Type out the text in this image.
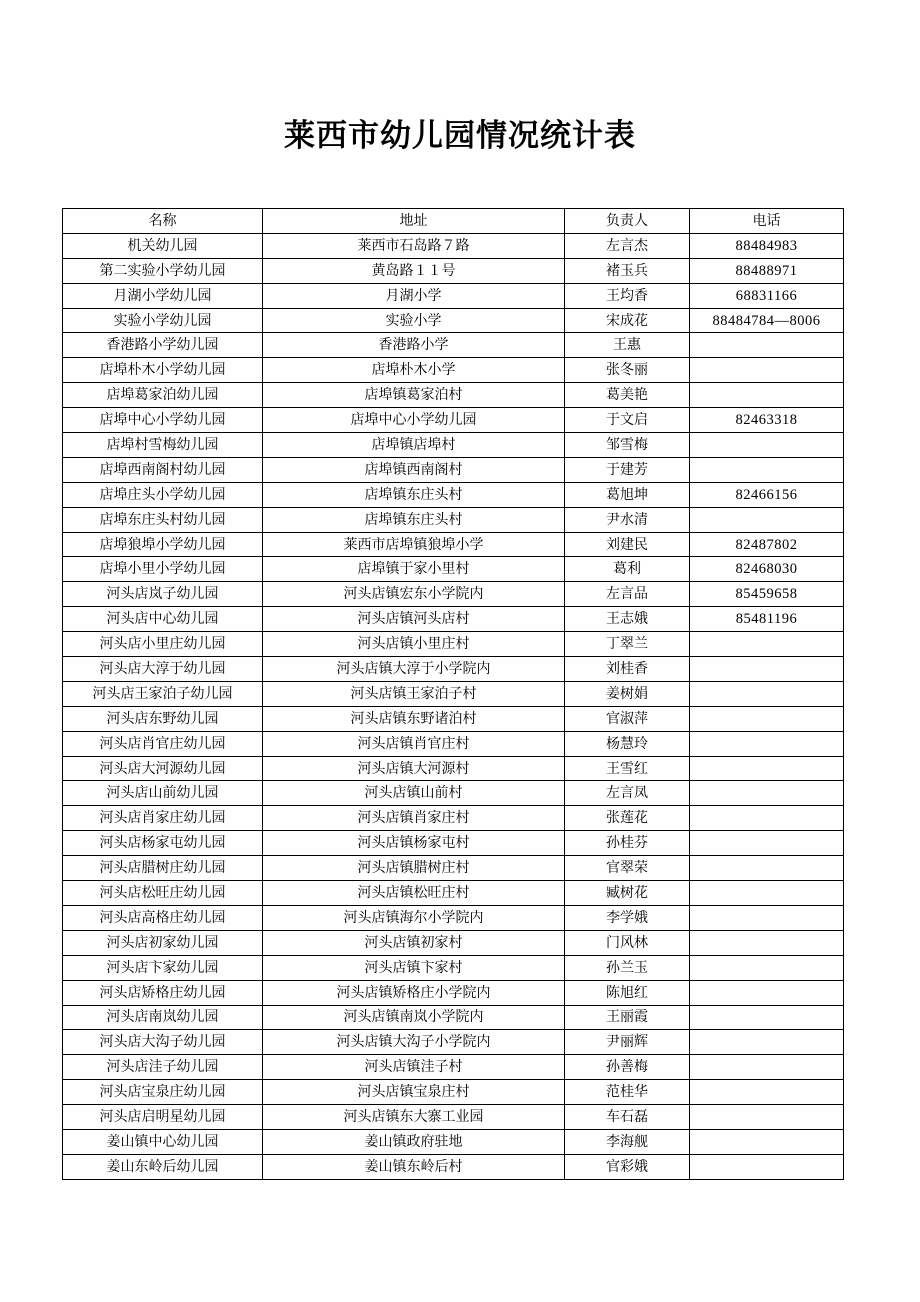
莱西市幼儿园情况统计表
名称	地址	负责人	电话
机关幼儿园	莱西市石岛路７路	左言杰	88484983
第二实验小学幼儿园	黄岛路１１号	褚玉兵	88488971
月湖小学幼儿园	月湖小学	王均香	68831166
实验小学幼儿园	实验小学	宋成花	88484784—8006
香港路小学幼儿园	香港路小学	王惠	
店埠朴木小学幼儿园	店埠朴木小学	张冬丽	
店埠葛家泊幼儿园	店埠镇葛家泊村	葛美艳	
店埠中心小学幼儿园	店埠中心小学幼儿园	于文启	82463318
店埠村雪梅幼儿园	店埠镇店埠村	邹雪梅	
店埠西南阁村幼儿园	店埠镇西南阁村	于建芳	
店埠庄头小学幼儿园	店埠镇东庄头村	葛旭坤	82466156
店埠东庄头村幼儿园	店埠镇东庄头村	尹水清	
店埠狼埠小学幼儿园	莱西市店埠镇狼埠小学	刘建民	82487802
店埠小里小学幼儿园	店埠镇于家小里村	葛利	82468030
河头店岚子幼儿园	河头店镇宏东小学院内	左言品	85459658
河头店中心幼儿园	河头店镇河头店村	王志娥	85481196
河头店小里庄幼儿园	河头店镇小里庄村	丁翠兰	
河头店大淳于幼儿园	河头店镇大淳于小学院内	刘桂香	
河头店王家泊子幼儿园	河头店镇王家泊子村	姜树娟	
河头店东野幼儿园	河头店镇东野诸泊村	官淑萍	
河头店肖官庄幼儿园	河头店镇肖官庄村	杨慧玲	
河头店大河源幼儿园	河头店镇大河源村	王雪红	
河头店山前幼儿园	河头店镇山前村	左言凤	
河头店肖家庄幼儿园	河头店镇肖家庄村	张莲花	
河头店杨家屯幼儿园	河头店镇杨家屯村	孙桂芬	
河头店腊树庄幼儿园	河头店镇腊树庄村	官翠荣	
河头店松旺庄幼儿园	河头店镇松旺庄村	臧树花	
河头店高格庄幼儿园	河头店镇海尔小学院内	李学娥	
河头店初家幼儿园	河头店镇初家村	门风林	
河头店卞家幼儿园	河头店镇卞家村	孙兰玉	
河头店矫格庄幼儿园	河头店镇矫格庄小学院内	陈旭红	
河头店南岚幼儿园	河头店镇南岚小学院内	王丽霞	
河头店大沟子幼儿园	河头店镇大沟子小学院内	尹丽辉	
河头店洼子幼儿园	河头店镇洼子村	孙善梅	
河头店宝泉庄幼儿园	河头店镇宝泉庄村	范桂华	
河头店启明星幼儿园	河头店镇东大寨工业园	车石磊	
姜山镇中心幼儿园	姜山镇政府驻地	李海舰	
姜山东岭后幼儿园	姜山镇东岭后村	官彩娥	
